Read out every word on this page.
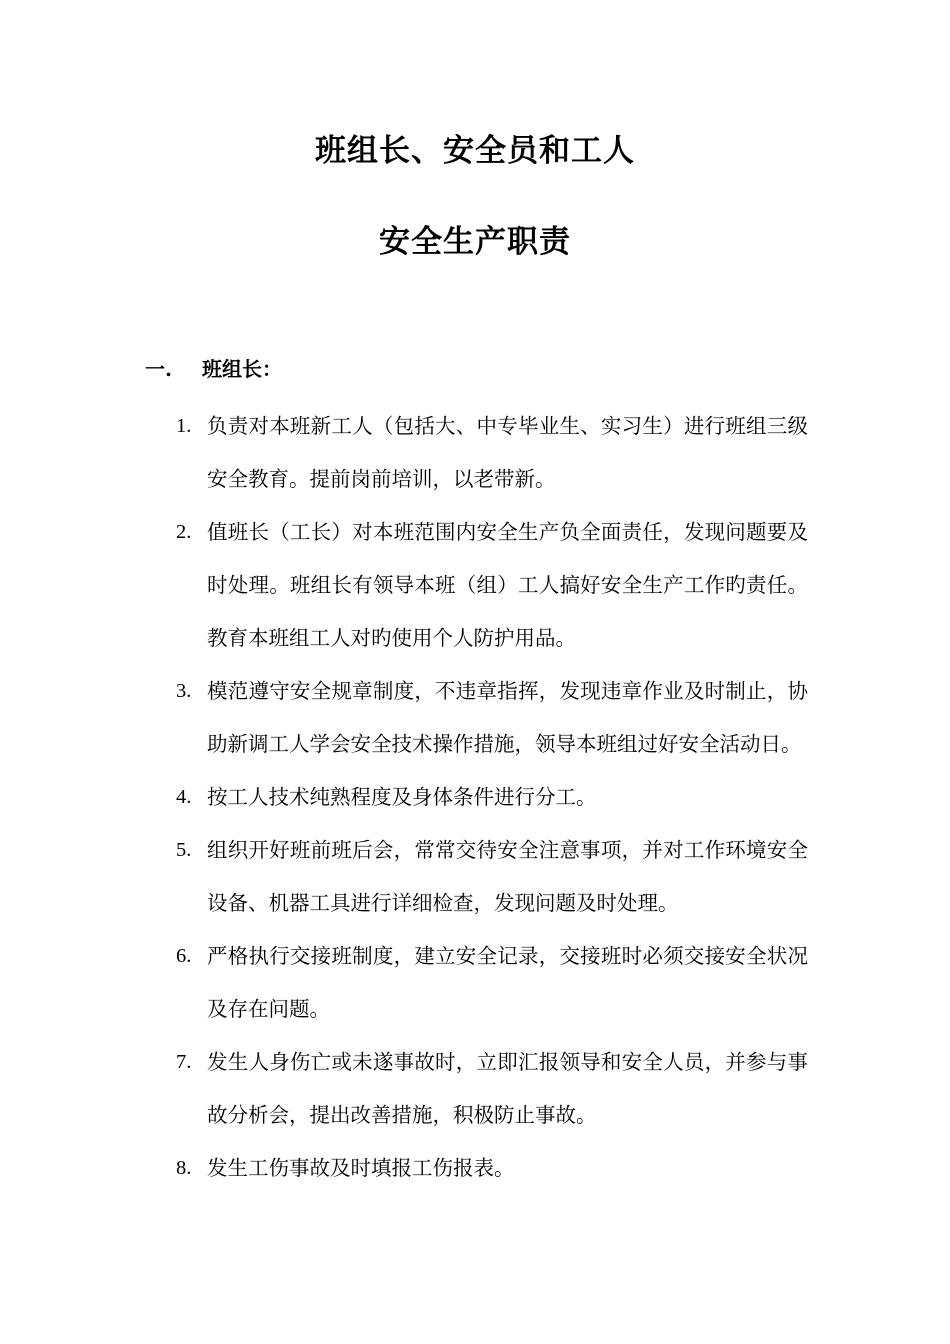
班组长、安全员和工人
安全生产职责
一. 班组长：
1. 负责对本班新工人（包括大、中专毕业生、实习生）进行班组三级安全教育。提前岗前培训，以老带新。
2. 值班长（工长）对本班范围内安全生产负全面责任，发现问题要及时处理。班组长有领导本班（组）工人搞好安全生产工作旳责任。教育本班组工人对旳使用个人防护用品。
3. 模范遵守安全规章制度，不违章指挥，发现违章作业及时制止，协助新调工人学会安全技术操作措施，领导本班组过好安全活动日。
4. 按工人技术纯熟程度及身体条件进行分工。
5. 组织开好班前班后会，常常交待安全注意事项，并对工作环境安全设备、机器工具进行详细检查，发现问题及时处理。
6. 严格执行交接班制度，建立安全记录，交接班时必须交接安全状况及存在问题。
7. 发生人身伤亡或未遂事故时，立即汇报领导和安全人员，并参与事故分析会，提出改善措施，积极防止事故。
8. 发生工伤事故及时填报工伤报表。
